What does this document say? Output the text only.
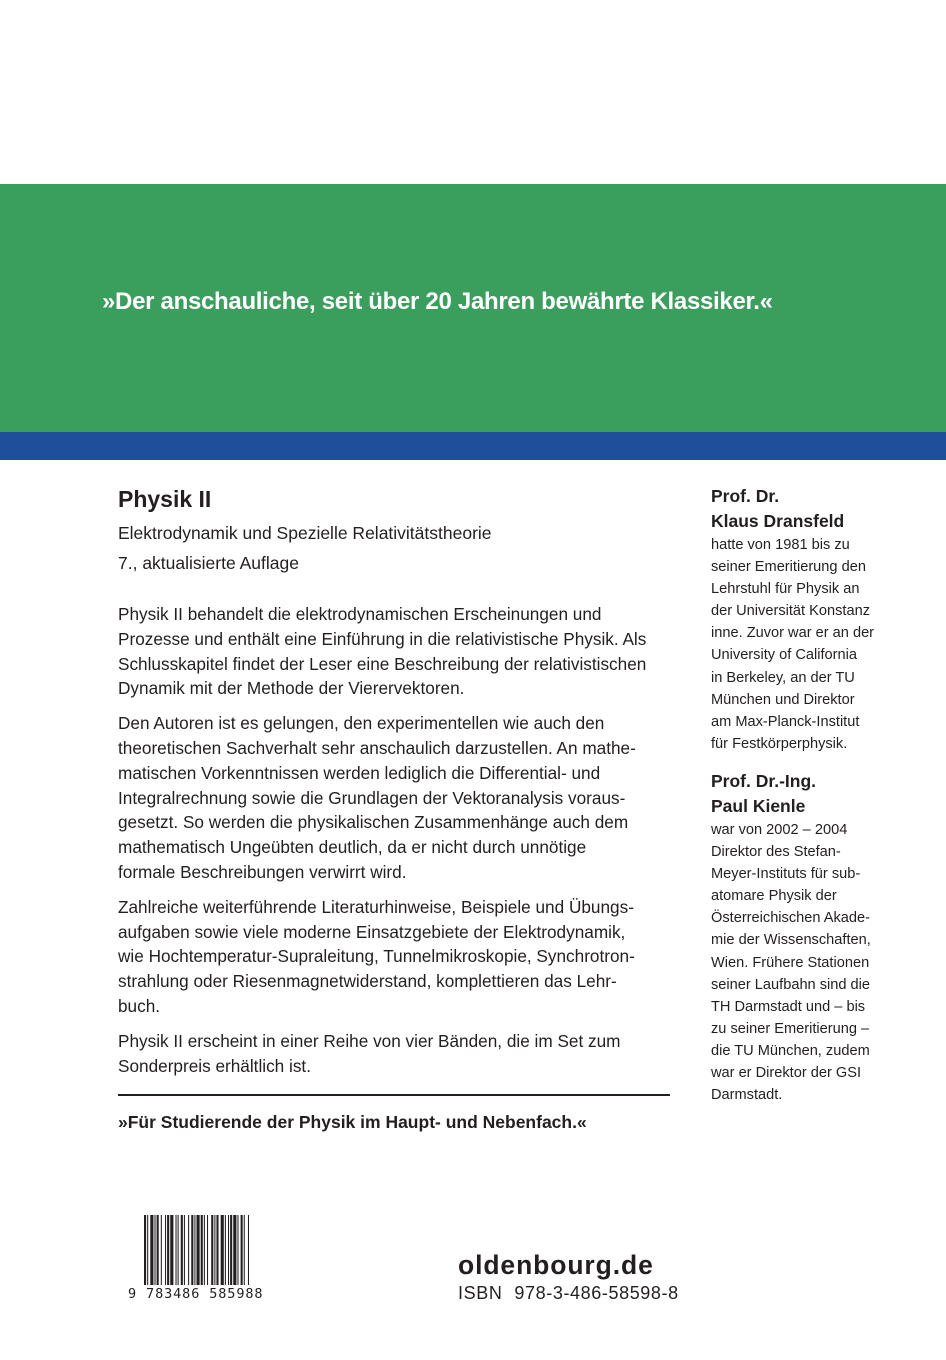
»Der anschauliche, seit über 20 Jahren bewährte Klassiker.«
Physik II

Elektrodynamik und Spezielle Relativitätstheorie

7., aktualisierte Auflage

Physik II behandelt die elektrodynamischen Erscheinungen und
Prozesse und enthält eine Einführung in die relativistische Physik. Als
Schlusskapitel findet der Leser eine Beschreibung der relativistischen
Dynamik mit der Methode der Vierervektoren.

Den Autoren ist es gelungen, den experimentellen wie auch den
theoretischen Sachverhalt sehr anschaulich darzustellen. An mathe-
matischen Vorkenntnissen werden lediglich die Differential- und
Integralrechnung sowie die Grundlagen der Vektoranalysis voraus-
gesetzt. So werden die physikalischen Zusammenhänge auch dem
mathematisch Ungeübten deutlich, da er nicht durch unnötige
formale Beschreibungen verwirrt wird.

Zahlreiche weiterführende Literaturhinweise, Beispiele und Übungs-
aufgaben sowie viele moderne Einsatzgebiete der Elektrodynamik,
wie Hochtemperatur-Supraleitung, Tunnelmikroskopie, Synchrotron-
strahlung oder Riesenmagnetwiderstand, komplettieren das Lehr-
buch.

Physik II erscheint in einer Reihe von vier Bänden, die im Set zum
Sonderpreis erhältlich ist.

»Für Studierende der Physik im Haupt- und Nebenfach.«
Prof. Dr.
Klaus Dransfeld
hatte von 1981 bis zu
seiner Emeritierung den
Lehrstuhl für Physik an
der Universität Konstanz
inne. Zuvor war er an der
University of California
in Berkeley, an der TU
München und Direktor
am Max-Planck-Institut
für Festkörperphysik.
Prof. Dr.-Ing.
Paul Kienle
war von 2002 – 2004
Direktor des Stefan-
Meyer-Instituts für sub-
atomare Physik der
Österreichischen Akade-
mie der Wissenschaften,
Wien. Frühere Stationen
seiner Laufbahn sind die
TH Darmstadt und – bis
zu seiner Emeritierung –
die TU München, zudem
war er Direktor der GSI
Darmstadt.
9 783486 585988
oldenbourg.de
ISBN 978-3-486-58598-8
